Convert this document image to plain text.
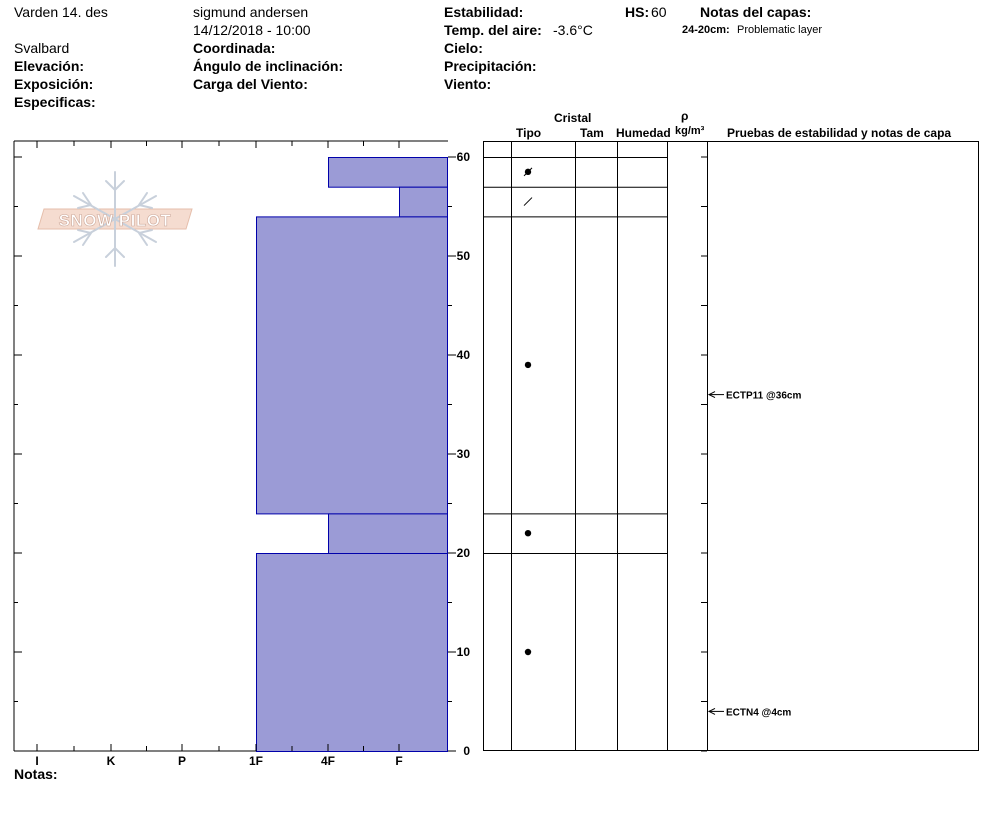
Varden 14. des	sigmund andersen
14/12/2018 - 10:00
Svalbard
Elevación:
Exposición:
Especificas:
Coordinada:
Ángulo de inclinación:
Carga del Viento:
Estabilidad:
Temp. del aire: -3.6°C
Cielo:
Precipitación:
Viento:
HS: 60 Notas del capas:
24-20cm: Problematic layer
Cristal
Tipo	Tam Humedad
ρ
kg/m³ Pruebas de estabilidad y notas de capa
Notas:
SNOW PILOT
I	K	P	1F	4F	F
0
10
20
30
40
50
60
ECTP11 @36cm
ECTN4 @4cm
